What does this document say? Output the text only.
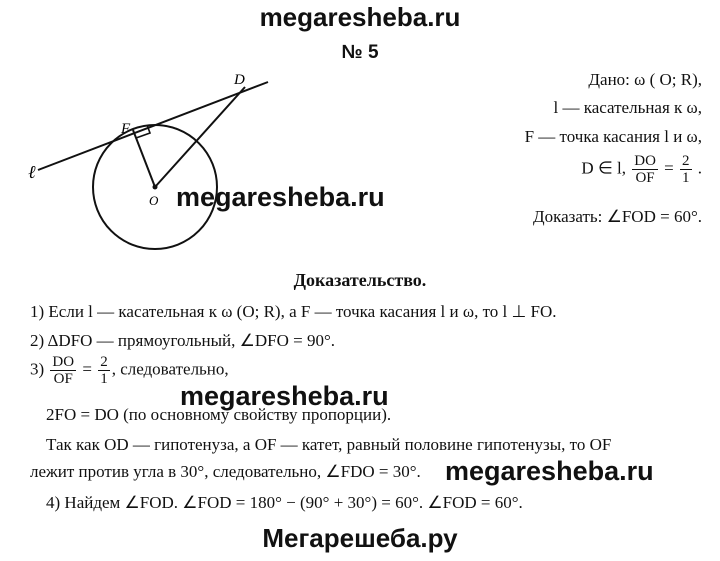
megaresheba.ru
№ 5
D
F
ℓ
O megaresheba.ru
Дано: ω ( O; R),
l — касательная к ω,
F — точка касания l и ω,
D ∈ l, $\frac{DO}{OF} = \frac{2}{1}$ .
Доказать: ∠FOD = 60°.
Доказательство.
1) Если l — касательная к ω (O; R), а F — точка касания l и ω, то l ⊥ FO.
2) ΔDFO — прямоугольный, ∠DFO = 90°.
$3) \frac{DO}{OF} = \frac{2}{1}$ , следовательно,
megaresheba.ru
2FO = DO (по основному свойству пропорции).
Так как OD — гипотенуза, а OF — катет, равный половине гипотенузы, то OF
лежит против угла в 30°, следовательно, ∠FDO = 30°. megaresheba.ru
4) Найдем ∠FOD. ∠FOD = 180° − (90° + 30°) = 60°. ∠FOD = 60°.
Мегарешеба.ру
